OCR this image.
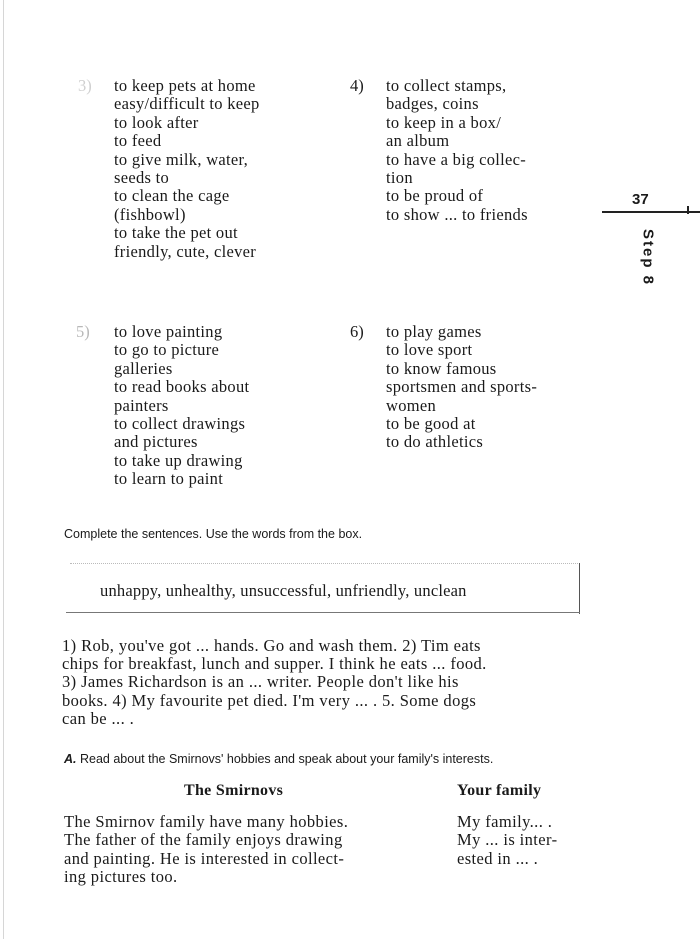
3) to keep pets at home
easy/difficult to keep
to look after
to feed
to give milk, water,
seeds to
to clean the cage
(fishbowl)
to take the pet out
friendly, cute, clever
4) to collect stamps,
badges, coins
to keep in a box/
an album
to have a big collec-
tion
to be proud of
to show ... to friends
37
Step 8
5) to love painting
to go to picture
galleries
to read books about
painters
to collect drawings
and pictures
to take up drawing
to learn to paint
6) to play games
to love sport
to know famous
sportsmen and sports-
women
to be good at
to do athletics
Complete the sentences. Use the words from the box.
unhappy, unhealthy, unsuccessful, unfriendly, unclean
1) Rob, you've got ... hands. Go and wash them. 2) Tim eats
chips for breakfast, lunch and supper. I think he eats ... food.
3) James Richardson is an ... writer. People don't like his
books. 4) My favourite pet died. I'm very ... . 5. Some dogs
can be ... .
A. Read about the Smirnovs' hobbies and speak about your family's interests.
The Smirnovs	Your family
The Smirnov family have many hobbies.
The father of the family enjoys drawing
and painting. He is interested in collect-
ing pictures too.
My family... .
My ... is inter-
ested in ... .
